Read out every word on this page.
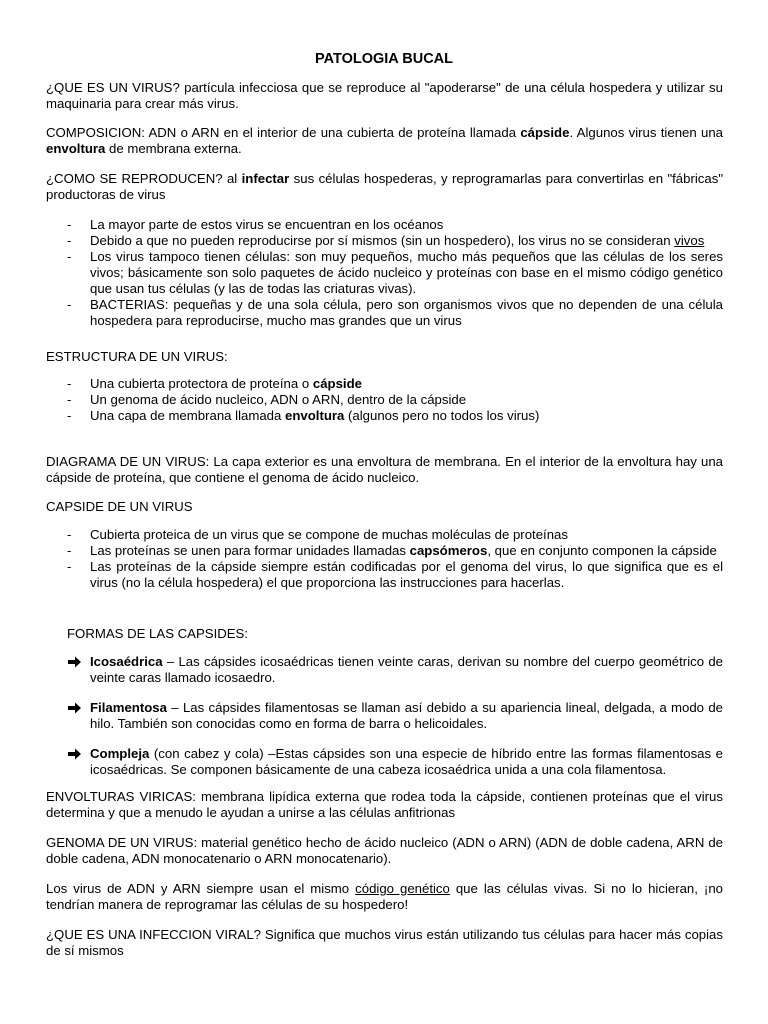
PATOLOGIA BUCAL

¿QUE ES UN VIRUS? partícula infecciosa que se reproduce al "apoderarse" de una célula hospedera y utilizar su maquinaria para crear más virus.

COMPOSICION: ADN o ARN en el interior de una cubierta de proteína llamada cápside. Algunos virus tienen una envoltura de membrana externa.

¿COMO SE REPRODUCEN? al infectar sus células hospederas, y reprogramarlas para convertirlas en "fábricas" productoras de virus

- La mayor parte de estos virus se encuentran en los océanos
- Debido a que no pueden reproducirse por sí mismos (sin un hospedero), los virus no se consideran vivos
- Los virus tampoco tienen células: son muy pequeños, mucho más pequeños que las células de los seres vivos; básicamente son solo paquetes de ácido nucleico y proteínas con base en el mismo código genético que usan tus células (y las de todas las criaturas vivas).
- BACTERIAS: pequeñas y de una sola célula, pero son organismos vivos que no dependen de una célula hospedera para reproducirse, mucho mas grandes que un virus

ESTRUCTURA DE UN VIRUS:

- Una cubierta protectora de proteína o cápside
- Un genoma de ácido nucleico, ADN o ARN, dentro de la cápside
- Una capa de membrana llamada envoltura (algunos pero no todos los virus)

DIAGRAMA DE UN VIRUS: La capa exterior es una envoltura de membrana. En el interior de la envoltura hay una cápside de proteína, que contiene el genoma de ácido nucleico.

CAPSIDE DE UN VIRUS

- Cubierta proteica de un virus que se compone de muchas moléculas de proteínas
- Las proteínas se unen para formar unidades llamadas capsómeros, que en conjunto componen la cápside
- Las proteínas de la cápside siempre están codificadas por el genoma del virus, lo que significa que es el virus (no la célula hospedera) el que proporciona las instrucciones para hacerlas.

FORMAS DE LAS CAPSIDES:

Icosaédrica – Las cápsides icosaédricas tienen veinte caras, derivan su nombre del cuerpo geométrico de veinte caras llamado icosaedro.
Filamentosa – Las cápsides filamentosas se llaman así debido a su apariencia lineal, delgada, a modo de hilo. También son conocidas como en forma de barra o helicoidales.
Compleja (con cabez y cola) –Estas cápsides son una especie de híbrido entre las formas filamentosas e icosaédricas. Se componen básicamente de una cabeza icosaédrica unida a una cola filamentosa.

ENVOLTURAS VIRICAS: membrana lipídica externa que rodea toda la cápside, contienen proteínas que el virus determina y que a menudo le ayudan a unirse a las células anfitrionas

GENOMA DE UN VIRUS: material genético hecho de ácido nucleico (ADN o ARN) (ADN de doble cadena, ARN de doble cadena, ADN monocatenario o ARN monocatenario).

Los virus de ADN y ARN siempre usan el mismo código genético que las células vivas. Si no lo hicieran, ¡no tendrían manera de reprogramar las células de su hospedero!

¿QUE ES UNA INFECCION VIRAL? Significa que muchos virus están utilizando tus células para hacer más copias de sí mismos
